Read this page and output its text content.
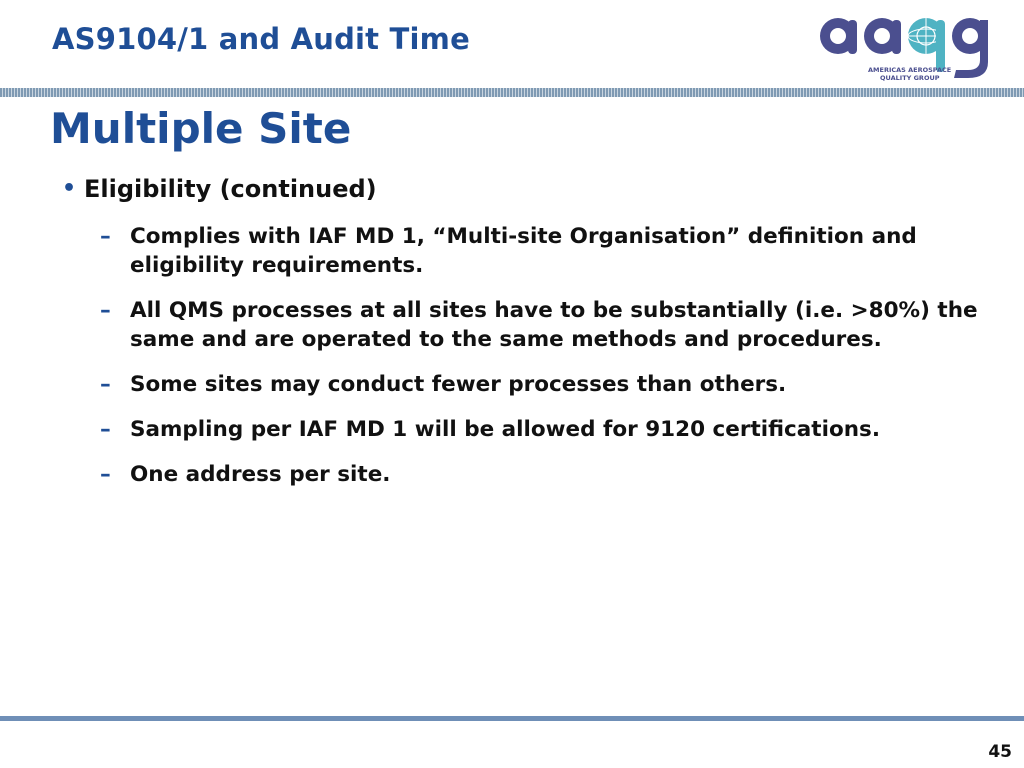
AS9104/1 and Audit Time
AMERICAS AEROSPACE
QUALITY GROUP
Multiple Site
• Eligibility (continued)
– Complies with IAF MD 1, “Multi-site Organisation” definition and eligibility requirements.
– All QMS processes at all sites have to be substantially (i.e. >80%) the same and are operated to the same methods and procedures.
– Some sites may conduct fewer processes than others.
– Sampling per IAF MD 1 will be allowed for 9120 certifications.
– One address per site.
45
